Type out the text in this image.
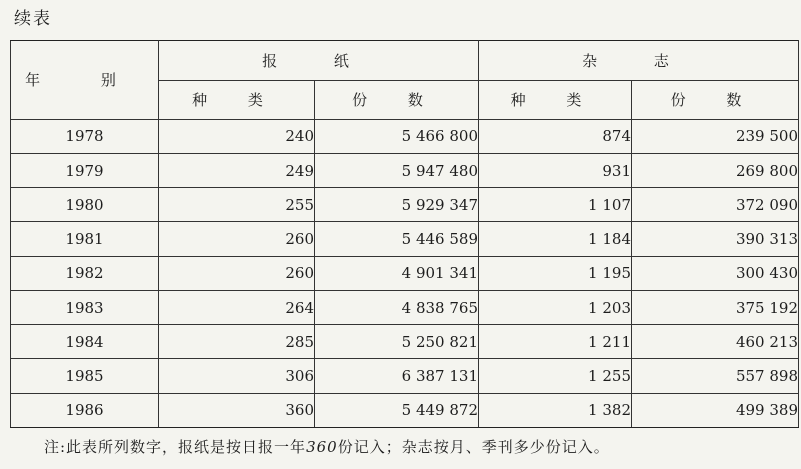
续表
年 别	报 纸		杂 志	
	种 类	份 数	种 类	份 数
1978	240	5 466 800	874	239 500
1979	249	5 947 480	931	269 800
1980	255	5 929 347	1 107	372 090
1981	260	5 446 589	1 184	390 313
1982	260	4 901 341	1 195	300 430
1983	264	4 838 765	1 203	375 192
1984	285	5 250 821	1 211	460 213
1985	306	6 387 131	1 255	557 898
1986	360	5 449 872	1 382	499 389
注:此表所列数字，报纸是按日报一年360份记入；杂志按月、季刊多少份记入。
